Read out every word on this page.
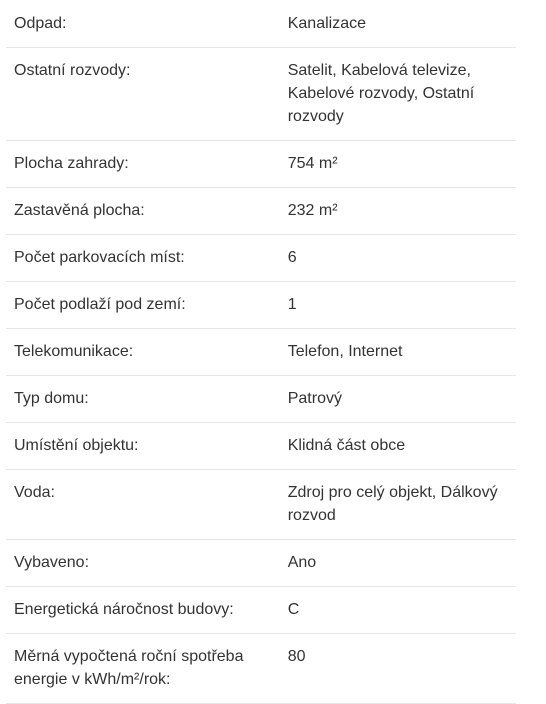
Odpad:	Kanalizace
Ostatní rozvody:	Satelit, Kabelová televize, Kabelové rozvody, Ostatní rozvody
Plocha zahrady:	754 m²
Zastavěná plocha:	232 m²
Počet parkovacích míst:	6
Počet podlaží pod zemí:	1
Telekomunikace:	Telefon, Internet
Typ domu:	Patrový
Umístění objektu:	Klidná část obce
Voda:	Zdroj pro celý objekt, Dálkový rozvod
Vybaveno:	Ano
Energetická náročnost budovy:	C
Měrná vypočtená roční spotřeba energie v kWh/m²/rok:	80
